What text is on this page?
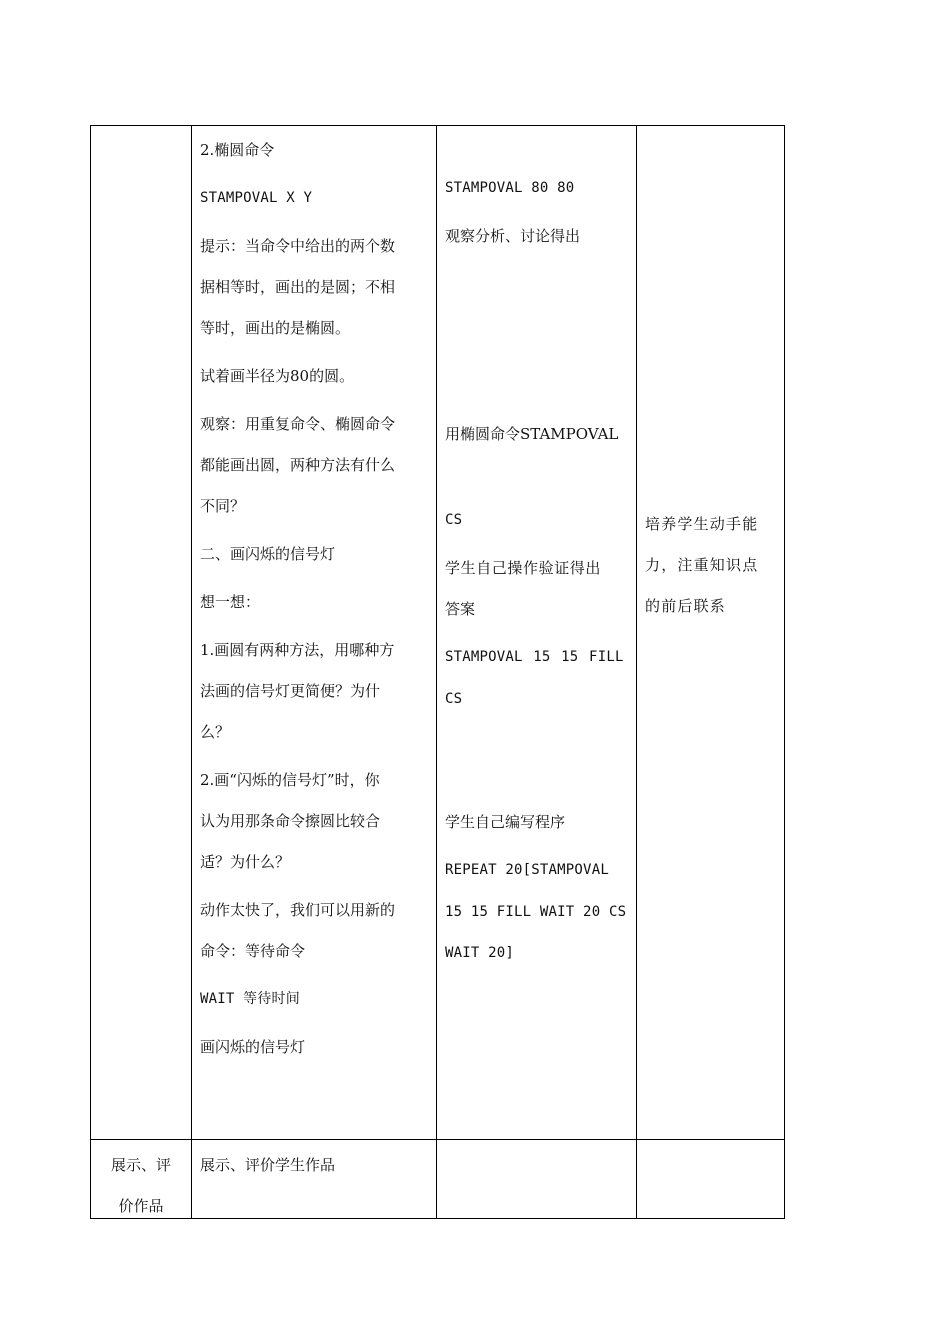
2.椭圆命令

STAMPOVAL X Y

提示：当命令中给出的两个数

据相等时，画出的是圆；不相

等时，画出的是椭圆。

试着画半径为80的圆。

观察：用重复命令、椭圆命令

都能画出圆，两种方法有什么

不同？

二、画闪烁的信号灯

想一想：

1.画圆有两种方法，用哪种方

法画的信号灯更简便？为什

么？

2.画“闪烁的信号灯”时，你

认为用那条命令擦圆比较合

适？为什么？

动作太快了，我们可以用新的

命令：等待命令

WAIT 等待时间

画闪烁的信号灯

STAMPOVAL 80 80

观察分析、讨论得出

用椭圆命令STAMPOVAL

CS

学生自己操作验证得出

答案

STAMPOVAL 15 15 FILL

CS

学生自己编写程序

REPEAT 20[STAMPOVAL

15 15 FILL WAIT 20 CS

WAIT 20]

培养学生动手能

力，注重知识点

的前后联系

展示、评

价作品

展示、评价学生作品
